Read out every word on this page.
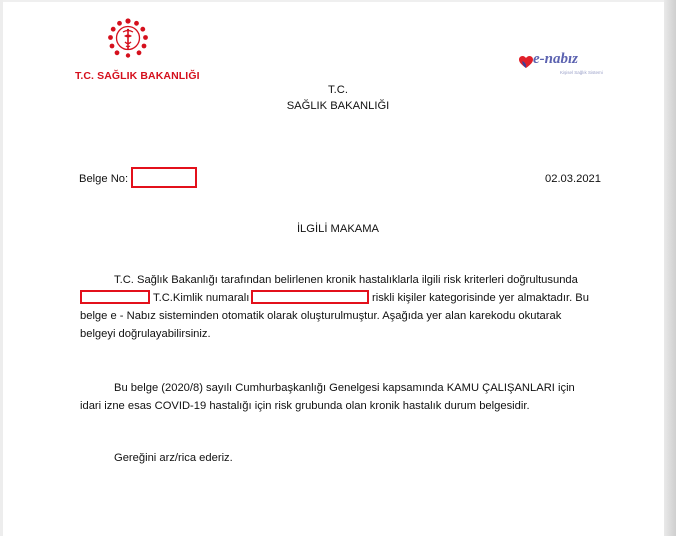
T.C. SAĞLIK BAKANLIĞI
e-nabız
Kişisel Sağlık Sistemi
T.C.
SAĞLIK BAKANLIĞI
Belge No:	02.03.2021
İLGİLİ MAKAMA
T.C. Sağlık Bakanlığı tarafından belirlenen kronik hastalıklarla ilgili risk kriterleri doğrultusunda
T.C.Kimlik numaralı	riskli kişiler kategorisinde yer almaktadır. Bu
belge e - Nabız sisteminden otomatik olarak oluşturulmuştur. Aşağıda yer alan karekodu okutarak
belgeyi doğrulayabilirsiniz.
Bu belge (2020/8) sayılı Cumhurbaşkanlığı Genelgesi kapsamında KAMU ÇALIŞANLARI için
idari izne esas COVID-19 hastalığı için risk grubunda olan kronik hastalık durum belgesidir.
Gereğini arz/rica ederiz.
